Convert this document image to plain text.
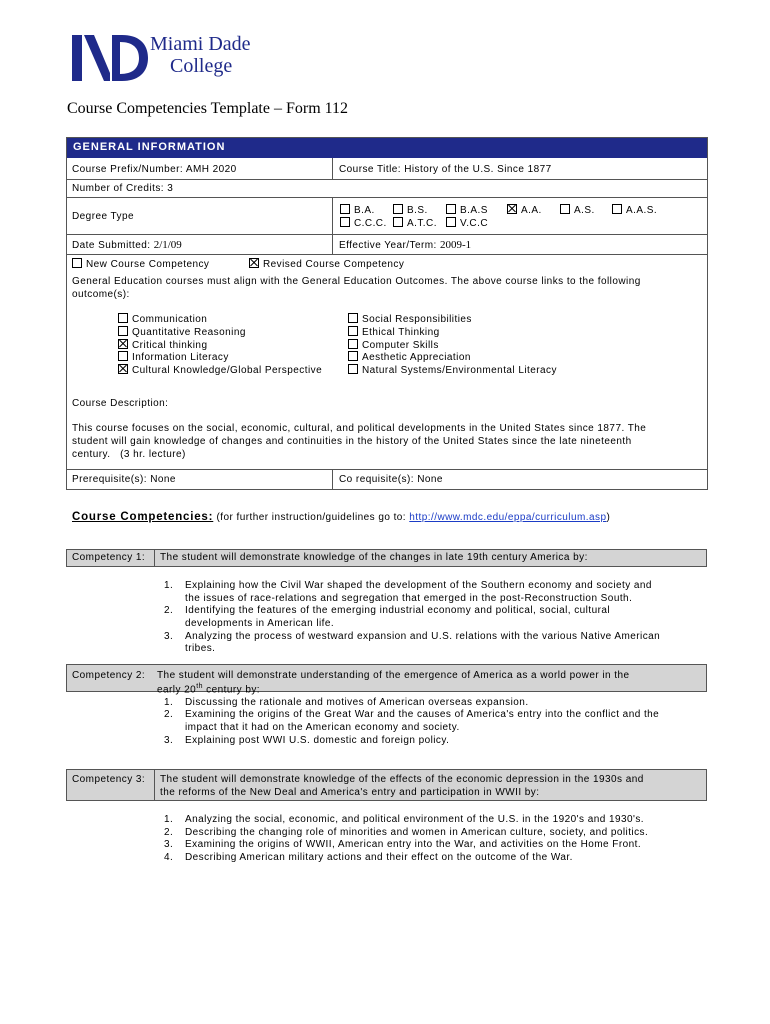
Miami Dade
College
Course Competencies Template – Form 112
GENERAL INFORMATION
Course Prefix/Number: AMH 2020	Course Title: History of the U.S. Since 1877
Number of Credits: 3
Degree Type
B.A.	B.S.	B.A.S	A.A.	A.S.	A.A.S.
C.C.C.	A.T.C.	V.C.C
Date Submitted: 2/1/09	Effective Year/Term: 2009-1
New Course Competency	Revised Course Competency
General Education courses must align with the General Education Outcomes. The above course links to the following outcome(s):
Communication
Quantitative Reasoning
Critical thinking
Information Literacy
Cultural Knowledge/Global Perspective
Social Responsibilities
Ethical Thinking
Computer Skills
Aesthetic Appreciation
Natural Systems/Environmental Literacy
Course Description:
This course focuses on the social, economic, cultural, and political developments in the United States since 1877. The
student will gain knowledge of changes and continuities in the history of the United States since the late nineteenth
century.   (3 hr. lecture)
Prerequisite(s): None	Co requisite(s): None
Course Competencies: (for further instruction/guidelines go to: http://www.mdc.edu/eppa/curriculum.asp)
Competency 1: The student will demonstrate knowledge of the changes in late 19th century America by:
1. Explaining how the Civil War shaped the development of the Southern economy and society and
the issues of race-relations and segregation that emerged in the post-Reconstruction South.
2. Identifying the features of the emerging industrial economy and political, social, cultural
developments in American life.
3. Analyzing the process of westward expansion and U.S. relations with the various Native American
tribes.
Competency 2: The student will demonstrate understanding of the emergence of America as a world power in the
early 20th century by:
1. Discussing the rationale and motives of American overseas expansion.
2. Examining the origins of the Great War and the causes of America's entry into the conflict and the
impact that it had on the American economy and society.
3. Explaining post WWI U.S. domestic and foreign policy.
Competency 3: The student will demonstrate knowledge of the effects of the economic depression in the 1930s and
the reforms of the New Deal and America's entry and participation in WWII by:
1. Analyzing the social, economic, and political environment of the U.S. in the 1920's and 1930's.
2. Describing the changing role of minorities and women in American culture, society, and politics.
3. Examining the origins of WWII, American entry into the War, and activities on the Home Front.
4. Describing American military actions and their effect on the outcome of the War.
